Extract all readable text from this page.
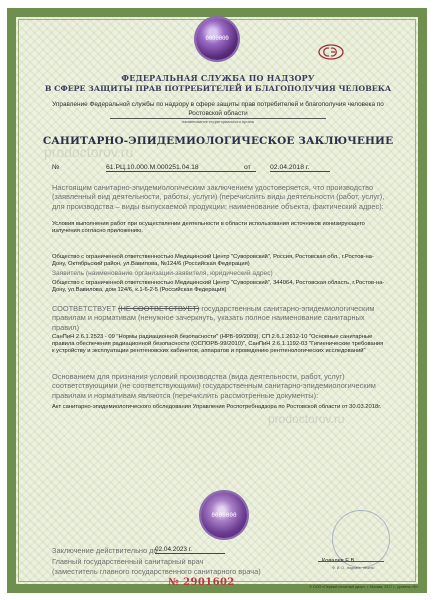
0000000
ФЕДЕРАЛЬНАЯ СЛУЖБА ПО НАДЗОРУ
В СФЕРЕ ЗАЩИТЫ ПРАВ ПОТРЕБИТЕЛЕЙ И БЛАГОПОЛУЧИЯ ЧЕЛОВЕКА
Управление Федеральной службы по надзору в сфере защиты прав потребителей и благополучия человека по Ростовской области
наименование территориального органа
prodoctorov.ru
САНИТАРНО-ЭПИДЕМИОЛОГИЧЕСКОЕ ЗАКЛЮЧЕНИЕ
№	61.РЦ.10.000.М.000251.04.18	от	02.04.2018 г.
Настоящим санитарно-эпидемиологическим заключением удостоверяется, что производство (заявленный вид деятельности, работы, услуги) (перечислить виды деятельности (работ, услуг), для производства – виды выпускаемой продукции; наименование объекта, фактический адрес):
Условия выполнения работ при осуществлении деятельности в области использования источников ионизирующего излучения согласно приложению.
Общество с ограниченной ответственностью Медицинский Центр "Суворовский", Россия, Ростовская обл., г.Ростов-на-Дону, Октябрьский район, ул.Вавилова, №124/6 (Российская Федерация)
Заявитель (наименование организации-заявителя, юридический адрес)
Общество с ограниченной ответственностью Медицинский Центр "Суворовский", 344064, Ростовская область, г.Ростов-на-Дону, ул.Вавилова, дом 124/6, к.1-6-2-5 (Российская Федерация)
СООТВЕТСТВУЕТ (НЕ СООТВЕТСТВУЕТ) государственным санитарно-эпидемиологическим правилам и нормативам (ненужное зачеркнуть, указать полное наименование санитарных правил)
СанПиН 2.6.1.2523 - 09 "Нормы радиационной безопасности" (НРБ-99/2009), СП 2.6.1.2612-10 "Основные санитарные правила обеспечения радиационной безопасности (ОСПОРБ-99/2010)", СанПиН 2.6.1.1192-03 "Гигиенические требования к устройству и эксплуатации рентгеновских кабинетов, аппаратов и проведению рентгенологических исследований"
Основанием для признания условий производства (вида деятельности, работ, услуг) соответствующими (не соответствующими) государственным санитарно-эпидемиологическим правилам и нормативам являются (перечислить рассмотренные документы):
Акт санитарно-эпидемиологического обследования Управления Роспотребнадзора по Ростовской области от 30.03.2018г.
prodoctorov.ru
0000000
Заключение действительно до
02.04.2023 г.
Главный государственный санитарный врач
(заместитель главного государственного санитарного врача)
Ковалев Е.В.
Ф. И. О., подпись, печать
№ 2901602	© ООО «Первый печатный двор», г. Москва, 2017 г., уровень «Б»
